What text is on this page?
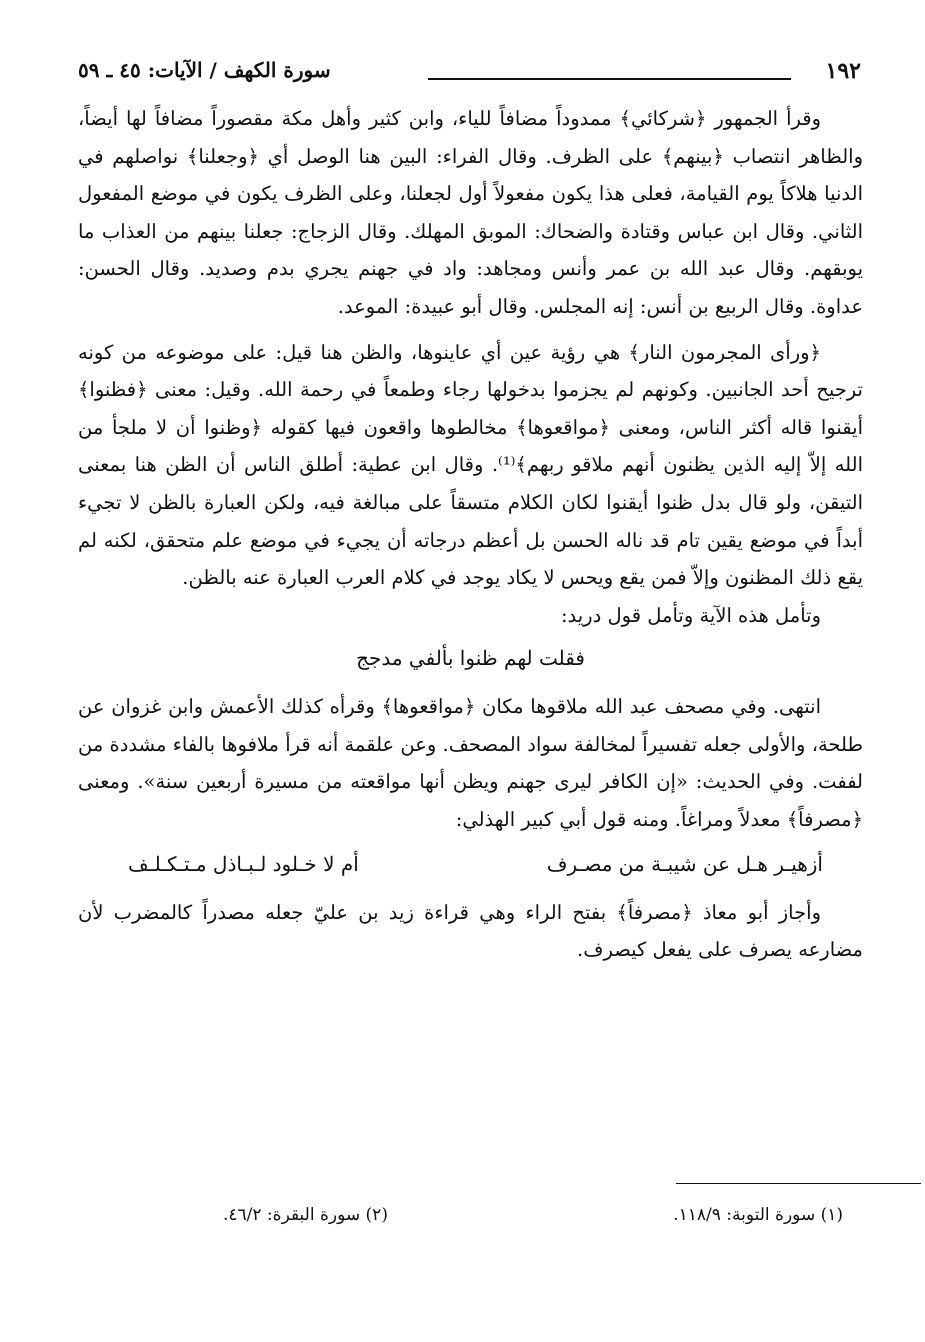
١٩٢
سورة الكهف / الآيات: ٤٥ ـ ٥٩

وقرأ الجمهور ﴿شركائي﴾ ممدوداً مضافاً للياء، وابن كثير وأهل مكة مقصوراً مضافاً لها أيضاً، والظاهر انتصاب ﴿بينهم﴾ على الظرف. وقال الفراء: البين هنا الوصل أي ﴿وجعلنا﴾ نواصلهم في الدنيا هلاكاً يوم القيامة، فعلى هذا يكون مفعولاً أول لجعلنا، وعلى الظرف يكون في موضع المفعول الثاني. وقال ابن عباس وقتادة والضحاك: الموبق المهلك. وقال الزجاج: جعلنا بينهم من العذاب ما يوبقهم. وقال عبد الله بن عمر وأنس ومجاهد: واد في جهنم يجري بدم وصديد. وقال الحسن: عداوة. وقال الربيع بن أنس: إنه المجلس. وقال أبو عبيدة: الموعد.

﴿ورأى المجرمون النار﴾ هي رؤية عين أي عاينوها، والظن هنا قيل: على موضوعه من كونه ترجيح أحد الجانبين. وكونهم لم يجزموا بدخولها رجاء وطمعاً في رحمة الله. وقيل: معنى ﴿فظنوا﴾ أيقنوا قاله أكثر الناس، ومعنى ﴿مواقعوها﴾ مخالطوها واقعون فيها كقوله ﴿وظنوا أن لا ملجأ من الله إلاّ إليه الذين يظنون أنهم ملاقو ربهم﴾⁽¹⁾. وقال ابن عطية: أطلق الناس أن الظن هنا بمعنى التيقن، ولو قال بدل ظنوا أيقنوا لكان الكلام متسقاً على مبالغة فيه، ولكن العبارة بالظن لا تجيء أبداً في موضع يقين تام قد ناله الحسن بل أعظم درجاته أن يجيء في موضع علم متحقق، لكنه لم يقع ذلك المظنون وإلاّ فمن يقع ويحس لا يكاد يوجد في كلام العرب العبارة عنه بالظن.

وتأمل هذه الآية وتأمل قول دريد:

فقلت لهم ظنوا بألفي مدجج

انتهى. وفي مصحف عبد الله ملاقوها مكان ﴿مواقعوها﴾ وقرأه كذلك الأعمش وابن غزوان عن طلحة، والأولى جعله تفسيراً لمخالفة سواد المصحف. وعن علقمة أنه قرأ ملافوها بالفاء مشددة من لففت. وفي الحديث: «إن الكافر ليرى جهنم ويظن أنها مواقعته من مسيرة أربعين سنة». ومعنى ﴿مصرفاً﴾ معدلاً ومراغاً. ومنه قول أبي كبير الهذلي:

أزهيـر هـل عن شيبـة من مصـرف
أم لا خـلود لـبـاذل مـتـكـلـف

وأجاز أبو معاذ ﴿مصرفاً﴾ بفتح الراء وهي قراءة زيد بن عليّ جعله مصدراً كالمضرب لأن مضارعه يصرف على يفعل كيصرف.

(١) سورة التوبة: ١١٨/٩.
(٢) سورة البقرة: ٤٦/٢.
